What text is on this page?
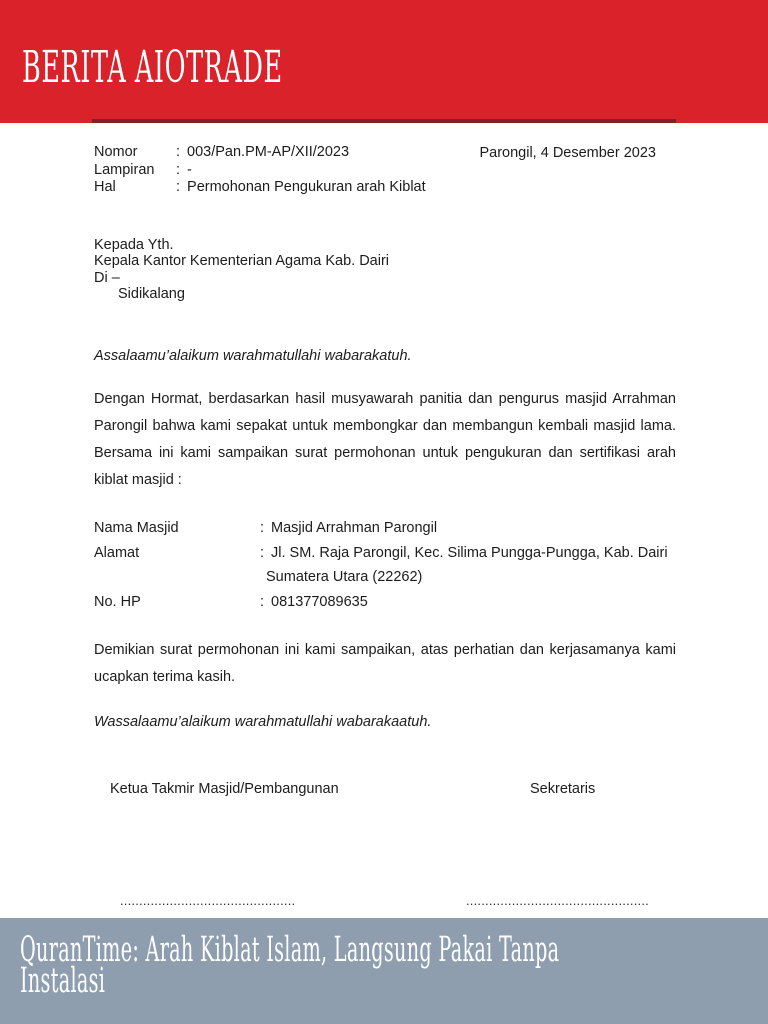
BERITA AIOTRADE
Nomor	: 003/Pan.PM-AP/XII/2023
Lampiran	: -
Hal	: Permohonan Pengukuran arah Kiblat
Parongil, 4 Desember 2023
Kepada Yth.
Kepala Kantor Kementerian Agama Kab. Dairi
Di –
Sidikalang

Assalaamu’alaikum warahmatullahi wabarakatuh.

Dengan Hormat, berdasarkan hasil musyawarah panitia dan pengurus masjid Arrahman Parongil bahwa kami sepakat untuk membongkar dan membangun kembali masjid lama. Bersama ini kami sampaikan surat permohonan untuk pengukuran dan sertifikasi arah kiblat masjid :

Nama Masjid	: Masjid Arrahman Parongil
Alamat	: Jl. SM. Raja Parongil, Kec. Silima Pungga-Pungga, Kab. Dairi
Sumatera Utara (22262)
No. HP	: 081377089635

Demikian surat permohonan ini kami sampaikan, atas perhatian dan kerjasamanya kami ucapkan terima kasih.

Wassalaamu’alaikum warahmatullahi wabarakaatuh.

Ketua Takmir Masjid/Pembangunan	Sekretaris
..............................................	................................................
QuranTime: Arah Kiblat Islam, Langsung Pakai Tanpa
Instalasi
